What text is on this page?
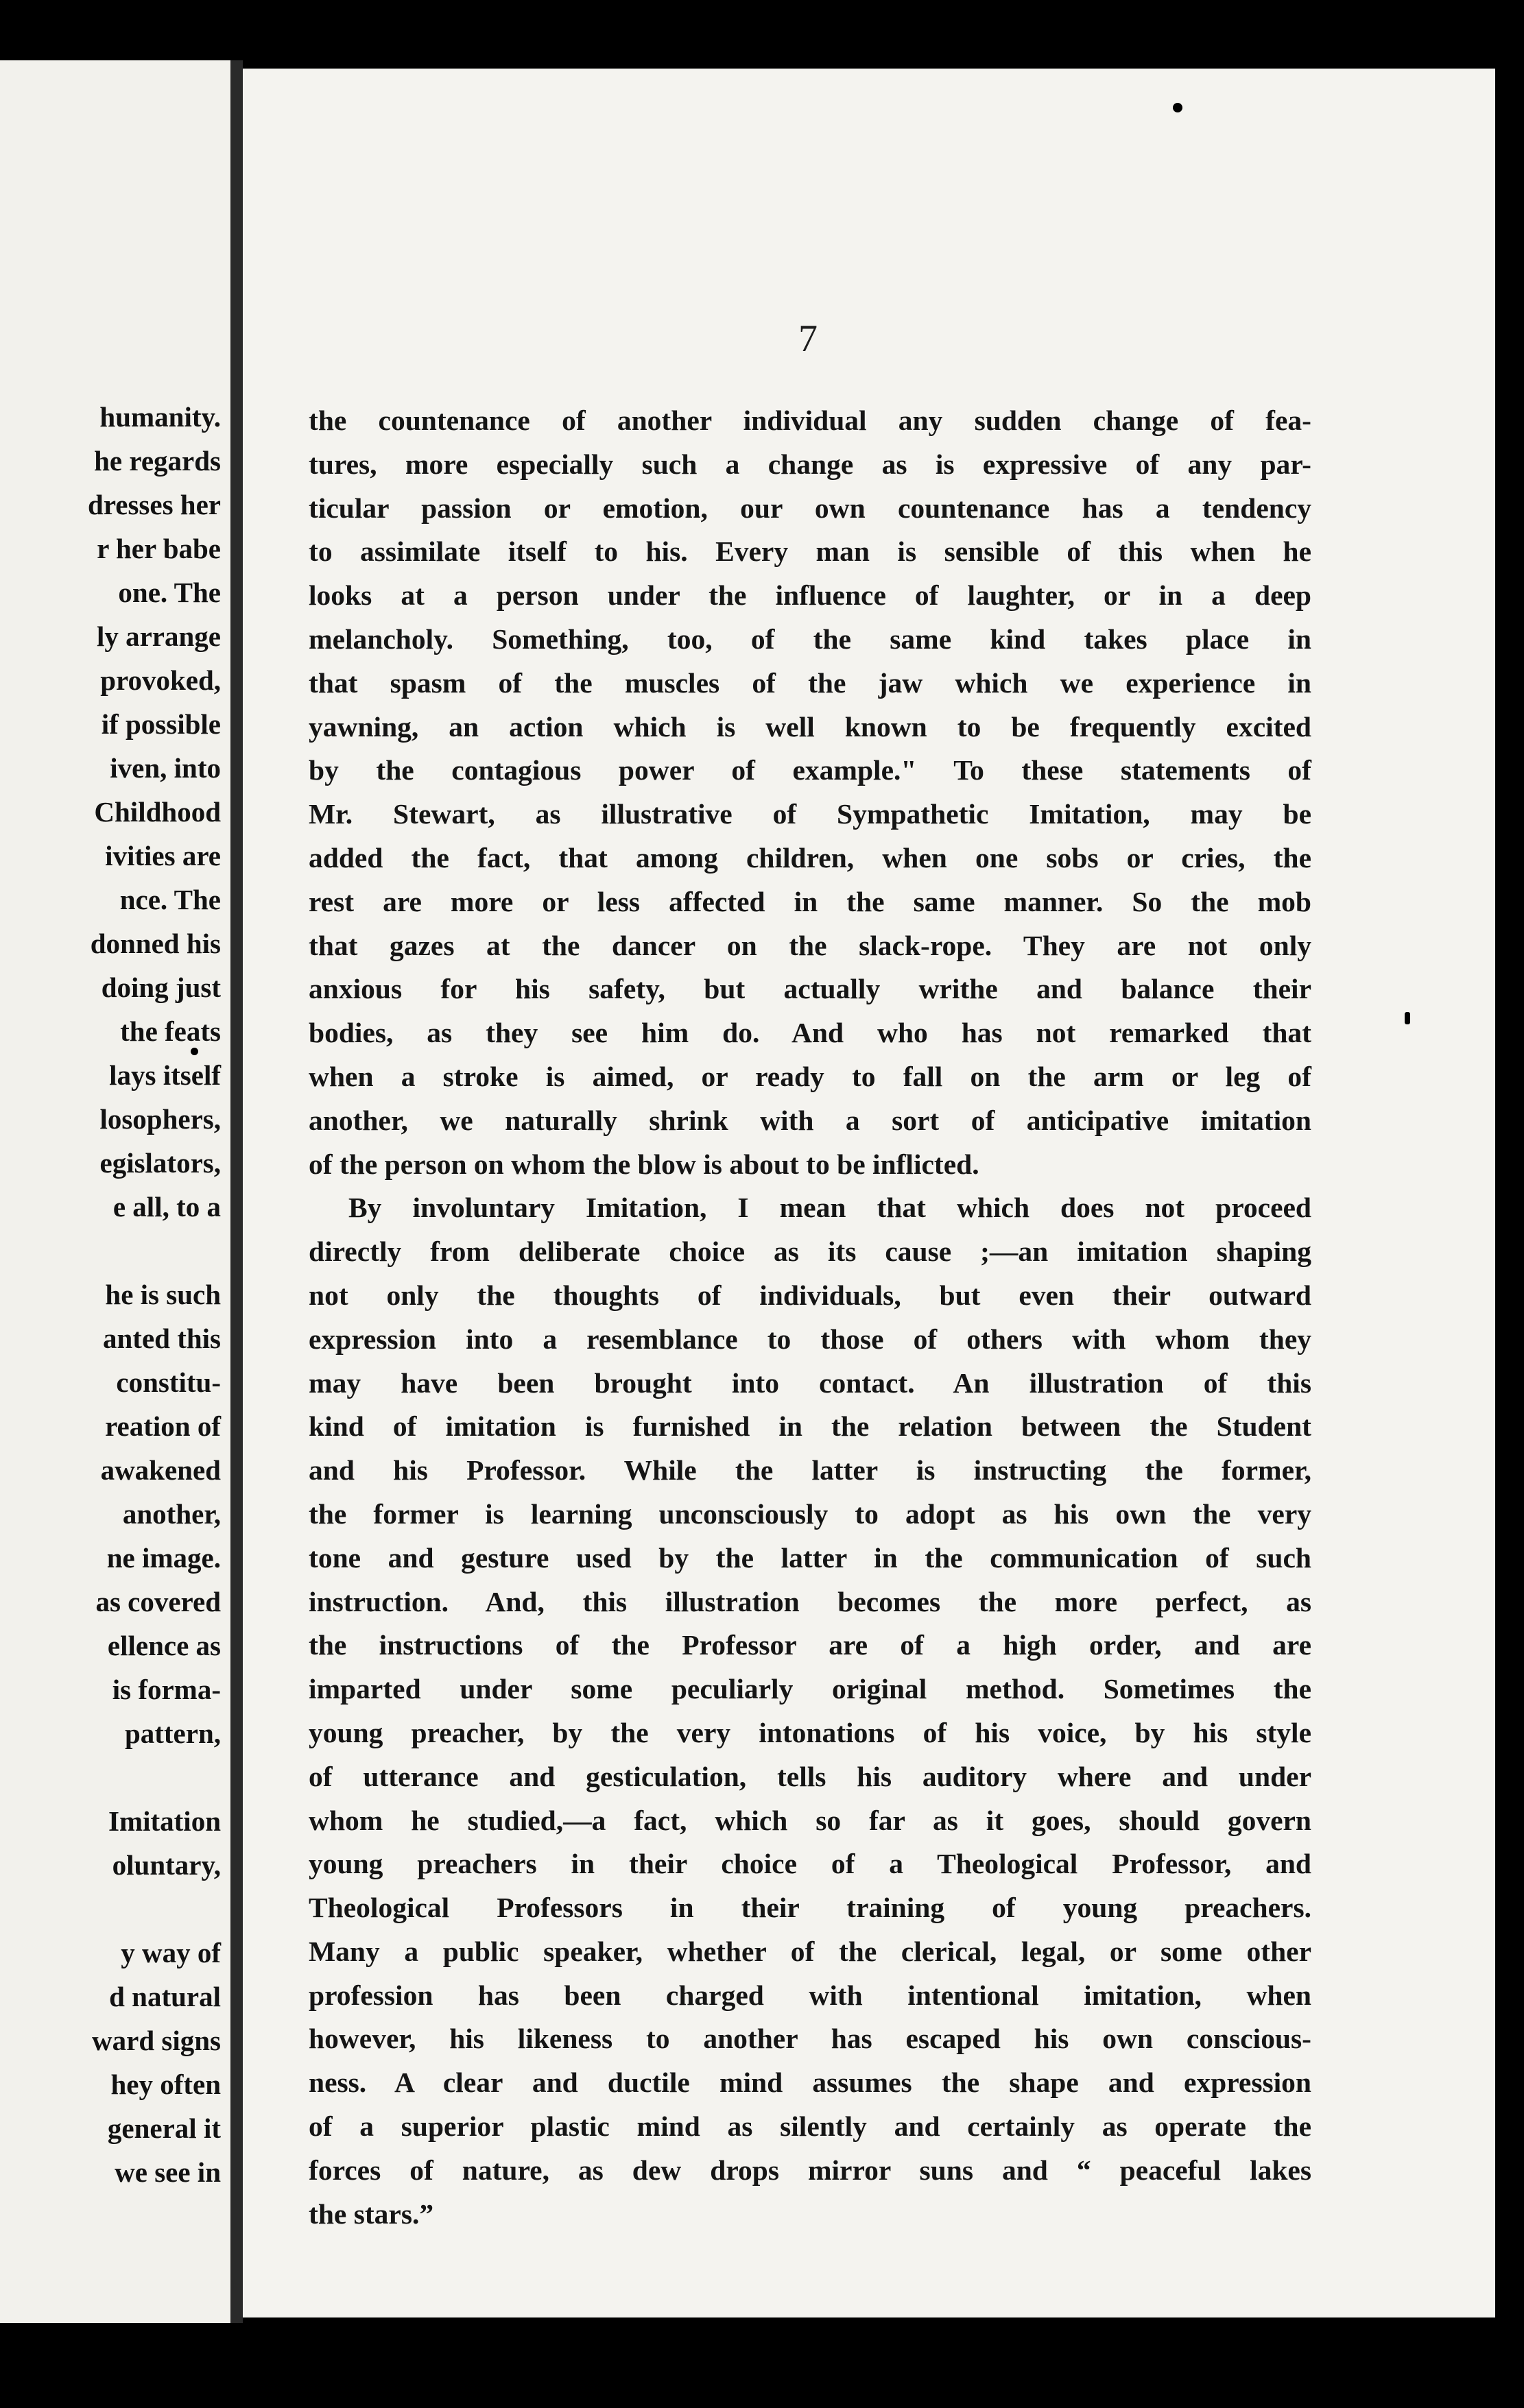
humanity.
he regards
dresses her
r her babe
one. The
ly arrange
provoked,
if possible
iven, into
Childhood
ivities are
nce. The
donned his
doing just
the feats
lays itself
losophers,
egislators,
e all, to a
he is such
anted this
constitu-
reation of
awakened
another,
ne image.
as covered
ellence as
is forma-
pattern,
Imitation
oluntary,
y way of
d natural
ward signs
hey often
general it
we see in
7
the countenance of another individual any sudden change of fea-
tures, more especially such a change as is expressive of any par-
ticular passion or emotion, our own countenance has a tendency
to assimilate itself to his. Every man is sensible of this when he
looks at a person under the influence of laughter, or in a deep
melancholy. Something, too, of the same kind takes place in
that spasm of the muscles of the jaw which we experience in
yawning, an action which is well known to be frequently excited
by the contagious power of example." To these statements of
Mr. Stewart, as illustrative of Sympathetic Imitation, may be
added the fact, that among children, when one sobs or cries, the
rest are more or less affected in the same manner. So the mob
that gazes at the dancer on the slack-rope. They are not only
anxious for his safety, but actually writhe and balance their
bodies, as they see him do. And who has not remarked that
when a stroke is aimed, or ready to fall on the arm or leg of
another, we naturally shrink with a sort of anticipative imitation
of the person on whom the blow is about to be inflicted.
By involuntary Imitation, I mean that which does not proceed
directly from deliberate choice as its cause ;—an imitation shaping
not only the thoughts of individuals, but even their outward
expression into a resemblance to those of others with whom they
may have been brought into contact. An illustration of this
kind of imitation is furnished in the relation between the Student
and his Professor. While the latter is instructing the former,
the former is learning unconsciously to adopt as his own the very
tone and gesture used by the latter in the communication of such
instruction. And, this illustration becomes the more perfect, as
the instructions of the Professor are of a high order, and are
imparted under some peculiarly original method. Sometimes the
young preacher, by the very intonations of his voice, by his style
of utterance and gesticulation, tells his auditory where and under
whom he studied,—a fact, which so far as it goes, should govern
young preachers in their choice of a Theological Professor, and
Theological Professors in their training of young preachers.
Many a public speaker, whether of the clerical, legal, or some other
profession has been charged with intentional imitation, when
however, his likeness to another has escaped his own conscious-
ness. A clear and ductile mind assumes the shape and expression
of a superior plastic mind as silently and certainly as operate the
forces of nature, as dew drops mirror suns and “ peaceful lakes
the stars.”
